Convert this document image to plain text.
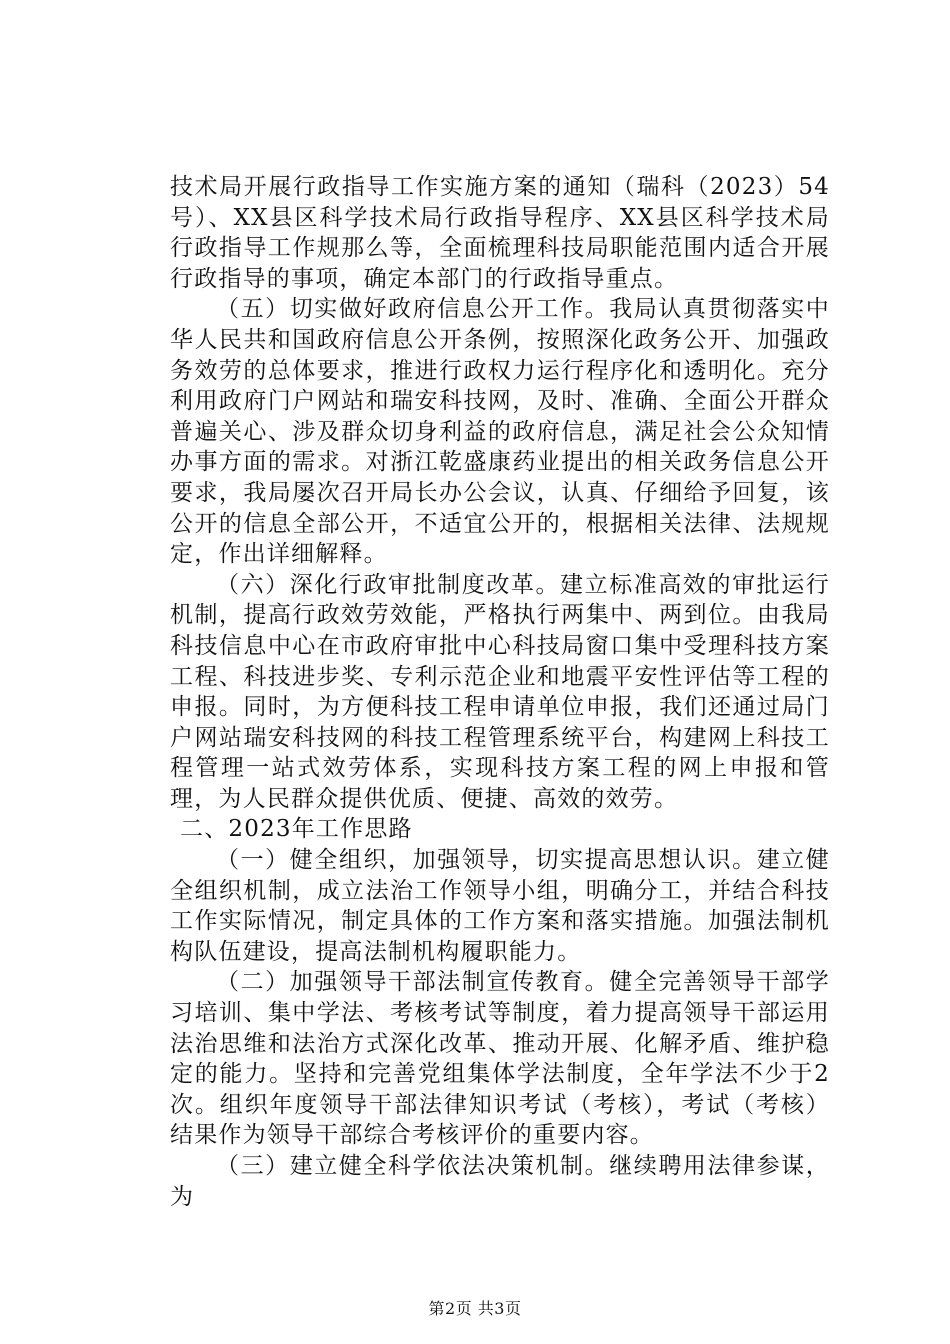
技术局开展行政指导工作实施方案的通知（瑞科（2023）54号）、XX县区科学技术局行政指导程序、XX县区科学技术局行政指导工作规那么等，全面梳理科技局职能范围内适合开展行政指导的事项，确定本部门的行政指导重点。

（五）切实做好政府信息公开工作。我局认真贯彻落实中华人民共和国政府信息公开条例，按照深化政务公开、加强政务效劳的总体要求，推进行政权力运行程序化和透明化。充分利用政府门户网站和瑞安科技网，及时、准确、全面公开群众普遍关心、涉及群众切身利益的政府信息，满足社会公众知情办事方面的需求。对浙江乾盛康药业提出的相关政务信息公开要求，我局屡次召开局长办公会议，认真、仔细给予回复，该公开的信息全部公开，不适宜公开的，根据相关法律、法规规定，作出详细解释。

（六）深化行政审批制度改革。建立标准高效的审批运行机制，提高行政效劳效能，严格执行两集中、两到位。由我局科技信息中心在市政府审批中心科技局窗口集中受理科技方案工程、科技进步奖、专利示范企业和地震平安性评估等工程的申报。同时，为方便科技工程申请单位申报，我们还通过局门户网站瑞安科技网的科技工程管理系统平台，构建网上科技工程管理一站式效劳体系，实现科技方案工程的网上申报和管理，为人民群众提供优质、便捷、高效的效劳。

二、2023年工作思路

（一）健全组织，加强领导，切实提高思想认识。建立健全组织机制，成立法治工作领导小组，明确分工，并结合科技工作实际情况，制定具体的工作方案和落实措施。加强法制机构队伍建设，提高法制机构履职能力。

（二）加强领导干部法制宣传教育。健全完善领导干部学习培训、集中学法、考核考试等制度，着力提高领导干部运用法治思维和法治方式深化改革、推动开展、化解矛盾、维护稳定的能力。坚持和完善党组集体学法制度，全年学法不少于2次。组织年度领导干部法律知识考试（考核），考试（考核）结果作为领导干部综合考核评价的重要内容。

（三）建立健全科学依法决策机制。继续聘用法律参谋，为

第2页 共3页
